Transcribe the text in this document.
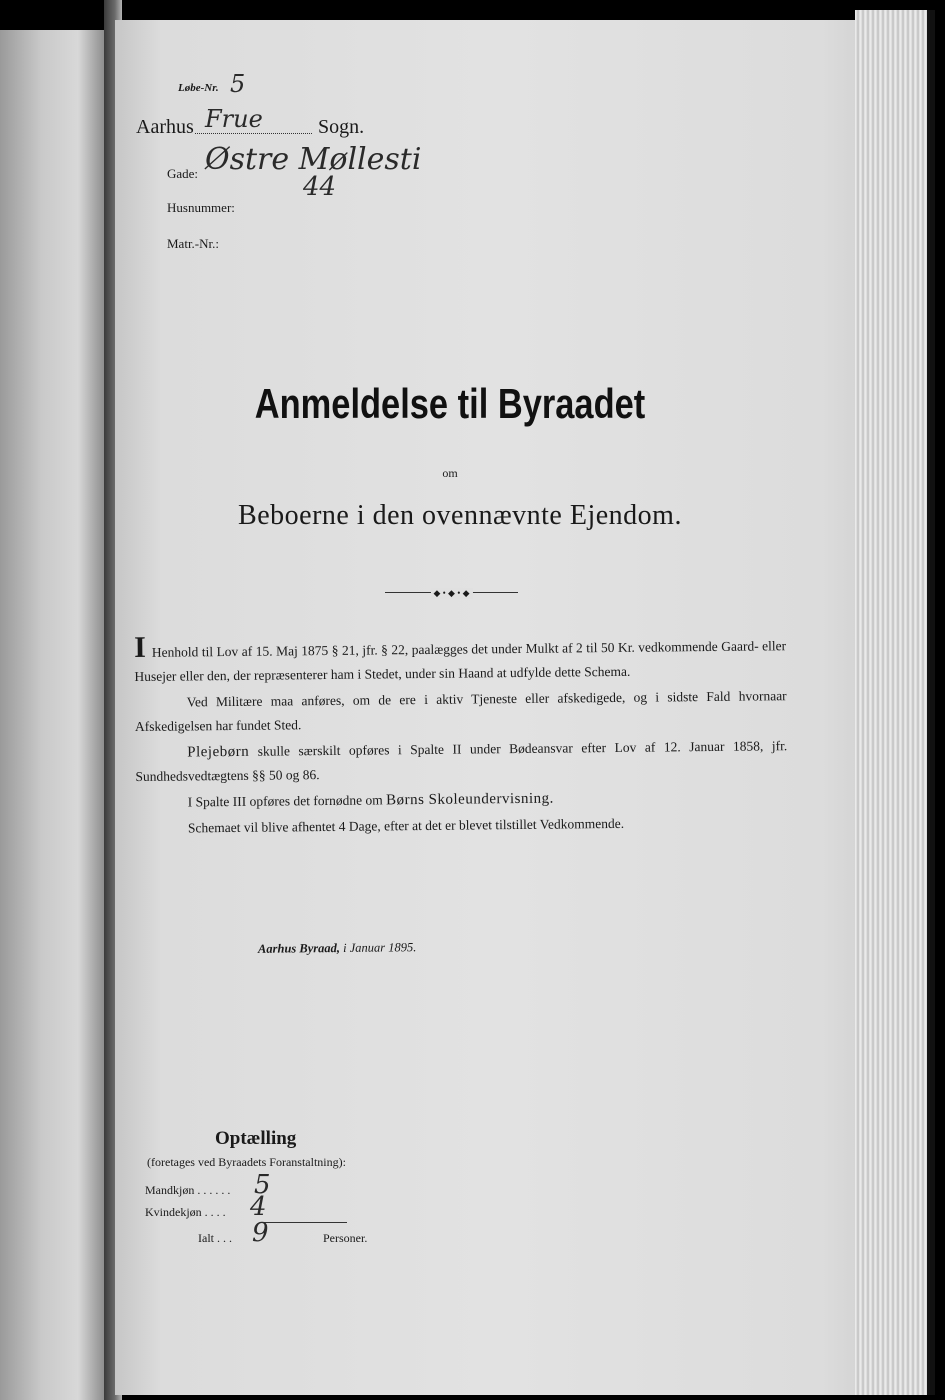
Løbe-Nr. 5
Aarhus Frue	Sogn.
Gade: Østre Møllesti
Husnummer:
44
Matr.-Nr.:
Anmeldelse til Byraadet
om
Beboerne i den ovennævnte Ejendom.
◆ • ◆ • ◆

I Henhold til Lov af 15. Maj 1875 § 21, jfr. § 22, paalægges det under Mulkt af 2 til 50 Kr. vedkommende Gaard- eller Husejer eller den, der repræsenterer ham i Stedet, under sin Haand at udfylde dette Schema.

Ved Militære maa anføres, om de ere i aktiv Tjeneste eller afskedigede, og i sidste Fald hvornaar Afskedigelsen har fundet Sted.

Plejebørn skulle særskilt opføres i Spalte II under Bødeansvar efter Lov af 12. Januar 1858, jfr. Sundhedsvedtægtens §§ 50 og 86.

I Spalte III opføres det fornødne om Børns Skoleundervisning.

Schemaet vil blive afhentet 4 Dage, efter at det er blevet tilstillet Vedkommende.

Aarhus Byraad, i Januar 1895.
Optælling
(foretages ved Byraadets Foranstaltning):
Mandkjøn . . . . . . 5
Kvindekjøn . . . . 4
Ialt . . . 9	Personer.
